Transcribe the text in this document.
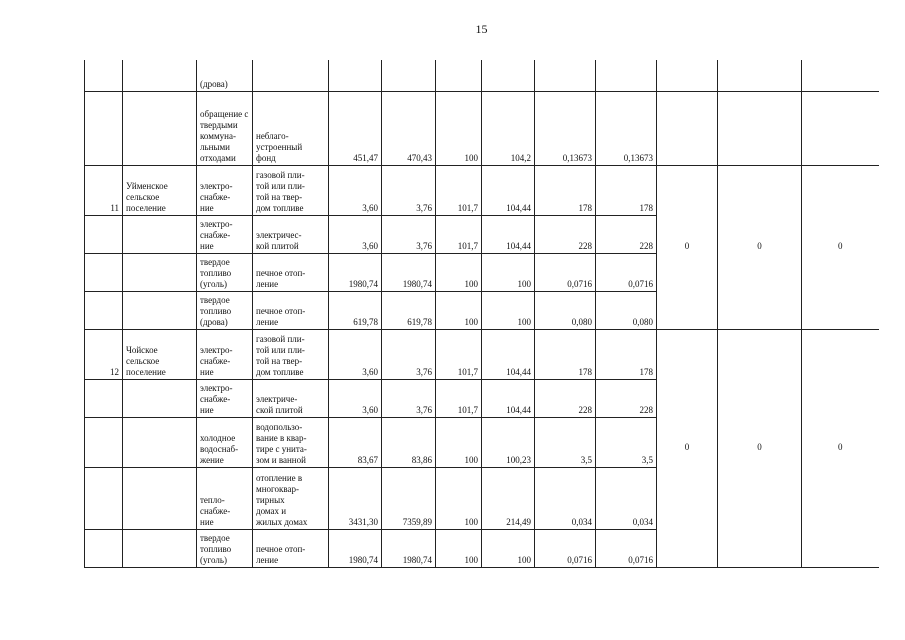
15
		(дрова)										
		обращение с
твердыми
коммуна-
льными
отходами	неблаго-
устроенный
фонд	451,47	470,43	100	104,2	0,13673	0,13673			
11	Уйменское
сельское
поселение	электро-
снабже-
ние	газовой пли-
той или пли-
той на твер-
дом топливе	3,60	3,76	101,7	104,44	178	178	0	0	0
		электро-
снабже-
ние	электричес-
кой плитой	3,60	3,76	101,7	104,44	228	228			
		твердое
топливо
(уголь)	печное отоп-
ление	1980,74	1980,74	100	100	0,0716	0,0716			
		твердое
топливо
(дрова)	печное отоп-
ление	619,78	619,78	100	100	0,080	0,080			
12	Чойское
сельское
поселение	электро-
снабже-
ние	газовой пли-
той или пли-
той на твер-
дом топливе	3,60	3,76	101,7	104,44	178	178	0	0	0
		электро-
снабже-
ние	электриче-
ской плитой	3,60	3,76	101,7	104,44	228	228			
		холодное
водоснаб-
жение	водопользо-
вание в квар-
тире с унита-
зом и ванной	83,67	83,86	100	100,23	3,5	3,5			
		тепло-
снабже-
ние	отопление в
многоквар-
тирных
домах и
жилых домах	3431,30	7359,89	100	214,49	0,034	0,034			
		твердое
топливо
(уголь)	печное отоп-
ление	1980,74	1980,74	100	100	0,0716	0,0716			
